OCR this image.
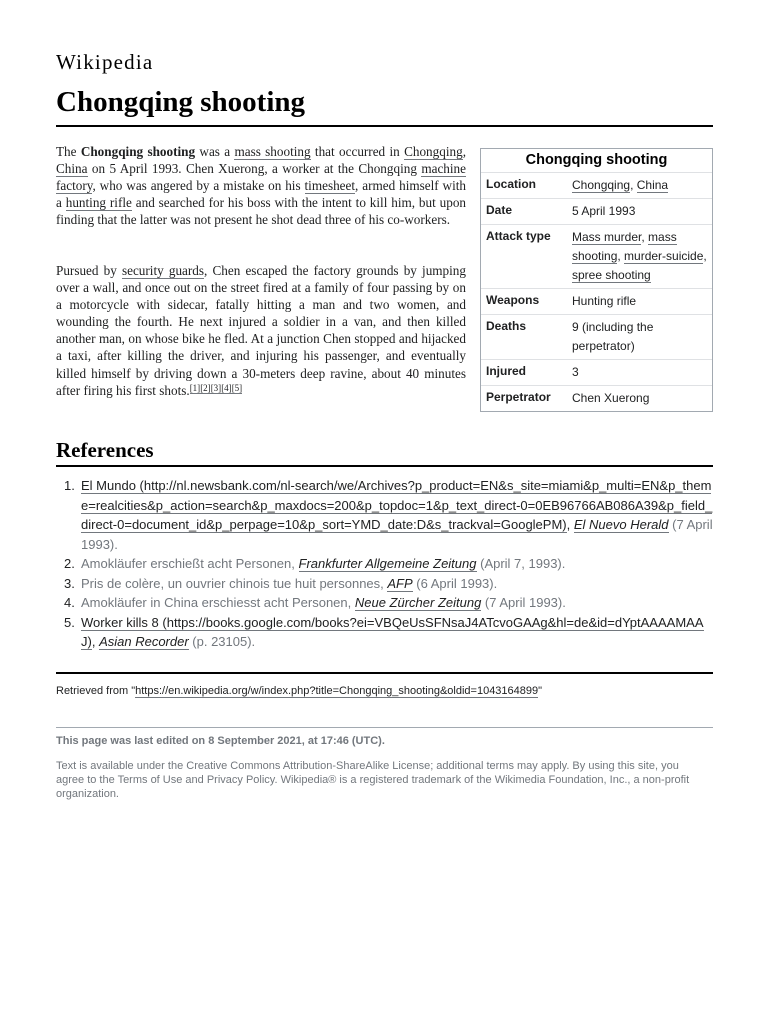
Wikipedia
Chongqing shooting

The Chongqing shooting was a mass shooting that occurred in Chongqing, China on 5 April 1993. Chen Xuerong, a worker at the Chongqing machine factory, who was angered by a mistake on his timesheet, armed himself with a hunting rifle and searched for his boss with the intent to kill him, but upon finding that the latter was not present he shot dead three of his co-workers.

Pursued by security guards, Chen escaped the factory grounds by jumping over a wall, and once out on the street fired at a family of four passing by on a motorcycle with sidecar, fatally hitting a man and two women, and wounding the fourth. He next injured a soldier in a van, and then killed another man, on whose bike he fled. At a junction Chen stopped and hijacked a taxi, after killing the driver, and injuring his passenger, and eventually killed himself by driving down a 30-meters deep ravine, about 40 minutes after firing his first shots.[1][2][3][4][5]

Chongqing shooting
Location	Chongqing, China
Date	5 April 1993
Attack type	Mass murder, mass shooting, murder-suicide, spree shooting
Weapons	Hunting rifle
Deaths	9 (including the perpetrator)
Injured	3
Perpetrator	Chen Xuerong
References
1. El Mundo (http://nl.newsbank.com/nl-search/we/Archives?p_product=EN&s_site=miami&p_multi=EN&p_theme=realcities&p_action=search&p_maxdocs=200&p_topdoc=1&p_text_direct-0=0EB96766AB086A39&p_field_direct-0=document_id&p_perpage=10&p_sort=YMD_date:D&s_trackval=GooglePM), El Nuevo Herald (7 April 1993).
2. Amokläufer erschießt acht Personen, Frankfurter Allgemeine Zeitung (April 7, 1993).
3. Pris de colère, un ouvrier chinois tue huit personnes, AFP (6 April 1993).
4. Amokläufer in China erschiesst acht Personen, Neue Zürcher Zeitung (7 April 1993).
5. Worker kills 8 (https://books.google.com/books?ei=VBQeUsSFNsaJ4ATcvoGAAg&hl=de&id=dYptAAAAMAAJ), Asian Recorder (p. 23105).
Retrieved from "https://en.wikipedia.org/w/index.php?title=Chongqing_shooting&oldid=1043164899"
This page was last edited on 8 September 2021, at 17:46 (UTC).

Text is available under the Creative Commons Attribution-ShareAlike License; additional terms may apply. By using this site, you agree to the Terms of Use and Privacy Policy. Wikipedia® is a registered trademark of the Wikimedia Foundation, Inc., a non-profit organization.
